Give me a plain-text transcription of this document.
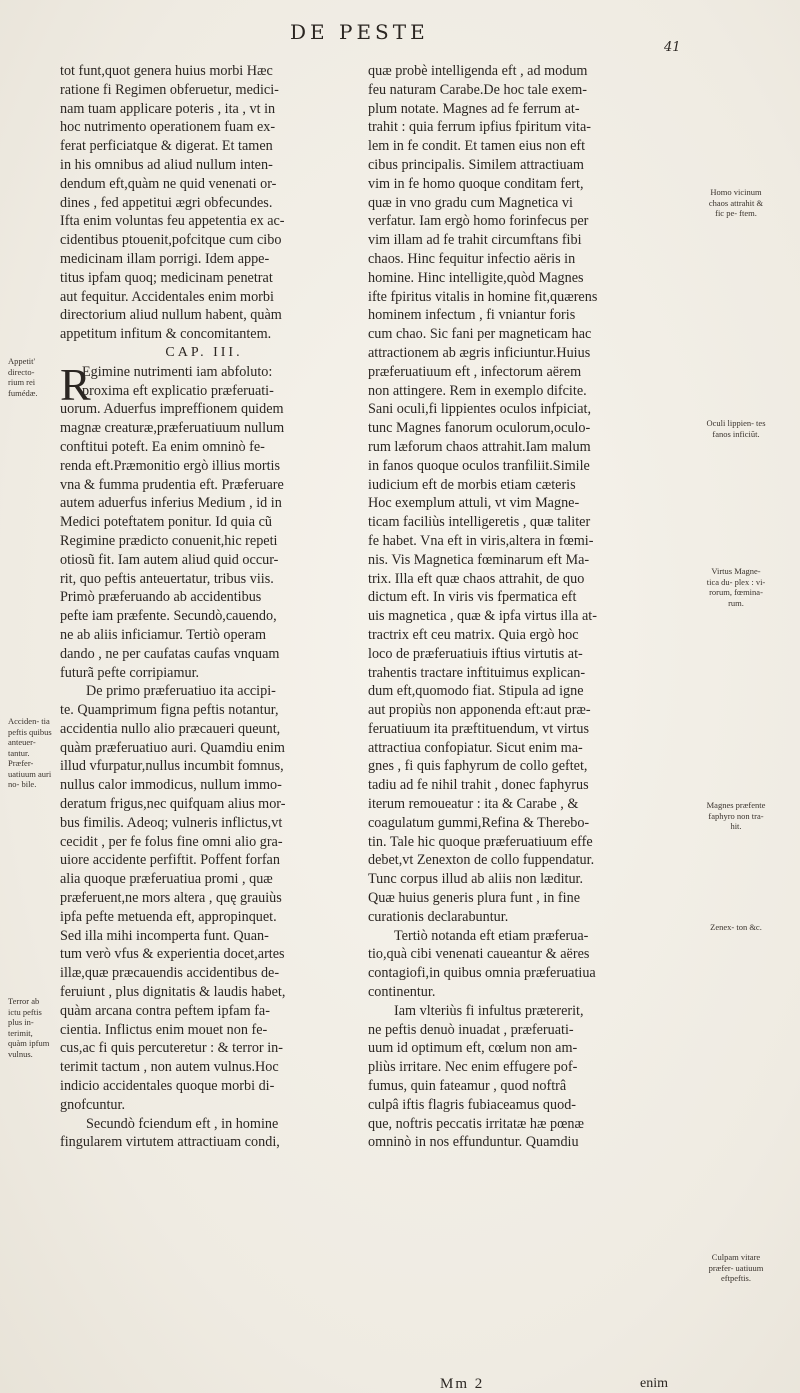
DE PESTE
41
tot funt,quot genera huius morbi Hæc
ratione fi Regimen obferuetur, medici-
nam tuam applicare poteris , ita , vt in
hoc nutrimento operationem fuam ex-
ferat perficiatque & digerat. Et tamen
in his omnibus ad aliud nullum inten-
dendum eft,quàm ne quid venenati or-
dines , fed appetitui ægri obfecundes.
Ifta enim voluntas feu appetentia ex ac-
cidentibus ptouenit,pofcitque cum cibo
medicinam illam porrigi. Idem appe-
titus ipfam quoq; medicinam penetrat
aut fequitur. Accidentales enim morbi
directorium aliud nullum habent, quàm
appetitum infitum & concomitantem.
CAP. III.
R
Egimine nutrimenti iam abfoluto:
proxima eft explicatio præferuati-
uorum. Aduerfus impreffionem quidem
magnæ creaturæ,præferuatiuum nullum
conftitui poteft. Ea enim omninò fe-
renda eft.Præmonitio ergò illius mortis
vna & fumma prudentia eft. Præferuare
autem aduerfus inferius Medium , id in
Medici poteftatem ponitur. Id quia cũ
Regimine prædicto conuenit,hic repeti
otiosũ fit. Iam autem aliud quid occur-
rit, quo peftis anteuertatur, tribus viis.
Primò præferuando ab accidentibus
pefte iam præfente. Secundò,cauendo,
ne ab aliis inficiamur. Tertiò operam
dando , ne per caufatas caufas vnquam
futurã pefte corripiamur.
De primo præferuatiuo ita accipi-
te. Quamprimum figna peftis notantur,
accidentia nullo alio præcaueri queunt,
quàm præferuatiuo auri. Quamdiu enim
illud vfurpatur,nullus incumbit fomnus,
nullus calor immodicus, nullum immo-
deratum frigus,nec quifquam alius mor-
bus fimilis. Adeoq; vulneris inflictus,vt
cecidit , per fe folus fine omni alio gra-
uiore accidente perfiftit. Poffent forfan
alia quoque præferuatiua promi , quæ
præferuent,ne mors altera , quę grauiùs
ipfa pefte metuenda eft, appropinquet.
Sed illa mihi incomperta funt. Quan-
tum verò vfus & experientia docet,artes
illæ,quæ præcauendis accidentibus de-
feruiunt , plus dignitatis & laudis habet,
quàm arcana contra peftem ipfam fa-
cientia. Inflictus enim mouet non fe-
cus,ac fi quis percuteretur : & terror in-
terimit tactum , non autem vulnus.Hoc
indicio accidentales quoque morbi di-
gnofcuntur.
Secundò fciendum eft , in homine
fingularem virtutem attractiuam condi,
quæ probè intelligenda eft , ad modum
feu naturam Carabe.De hoc tale exem-
plum notate. Magnes ad fe ferrum at-
trahit : quia ferrum ipfius fpiritum vita-
lem in fe condit. Et tamen eius non eft
cibus principalis. Similem attractiuam
vim in fe homo quoque conditam fert,
quæ in vno gradu cum Magnetica vi
verfatur. Iam ergò homo forinfecus per
vim illam ad fe trahit circumftans fibi
chaos. Hinc fequitur infectio aëris in
homine. Hinc intelligite,quòd Magnes
ifte fpiritus vitalis in homine fit,quærens
hominem infectum , fi vniantur foris
cum chao. Sic fani per magneticam hac
attractionem ab ægris inficiuntur.Huius
præferuatiuum eft , infectorum aërem
non attingere. Rem in exemplo difcite.
Sani oculi,fi lippientes oculos infpiciat,
tunc Magnes fanorum oculorum,oculo-
rum læforum chaos attrahit.Iam malum
in fanos quoque oculos tranfiliit.Simile
iudicium eft de morbis etiam cæteris
Hoc exemplum attuli, vt vim Magne-
ticam faciliùs intelligeretis , quæ taliter
fe habet. Vna eft in viris,altera in fœmi-
nis. Vis Magnetica fœminarum eft Ma-
trix. Illa eft quæ chaos attrahit, de quo
dictum eft. In viris vis fpermatica eft
uis magnetica , quæ & ipfa virtus illa at-
tractrix eft ceu matrix. Quia ergò hoc
loco de præferuatiuis iftius virtutis at-
trahentis tractare inftituimus explican-
dum eft,quomodo fiat. Stipula ad igne
aut propiùs non apponenda eft:aut præ-
feruatiuum ita præftituendum, vt virtus
attractiua confopiatur. Sicut enim ma-
gnes , fi quis faphyrum de collo geftet,
tadiu ad fe nihil trahit , donec faphyrus
iterum remoueatur : ita & Carabe , &
coagulatum gummi,Refina & Therebo-
tin. Tale hic quoque præferuatiuum effe
debet,vt Zenexton de collo fuppendatur.
Tunc corpus illud ab aliis non læditur.
Quæ huius generis plura funt , in fine
curationis declarabuntur.
Tertiò notanda eft etiam præferua-
tio,quà cibi venenati caueantur & aëres
contagiofi,in quibus omnia præferuatiua
continentur.
Iam vlteriùs fi infultus prætererit,
ne peftis denuò inuadat , præferuati-
uum id optimum eft, cœlum non am-
pliùs irritare. Nec enim effugere pof-
fumus, quin fateamur , quod noftrâ
culpâ iftis flagris fubiaceamus quod-
que, noftris peccatis irritatæ hæ pœnæ
omninò in nos effunduntur. Quamdiu
Appetit' directo- rium rei fumédæ.
Acciden- tia peftis quibus anteuer- tantur. Præfer- uatiuum auri no- bile.
Terror ab ictu peftis plus in- terimit, quàm ipfum vulnus.
Homo vicinum chaos attrahit & fic pe- ftem.
Oculi lippien- tes fanos inficiũt.
Virtus Magne- tica du- plex : vi- rorum, fœmina- rum.
Magnes præfente faphyro non tra- hit.
Zenex- ton &c.
Culpam vitare præfer- uatiuum eftpeftis.
Mm 2	enim
